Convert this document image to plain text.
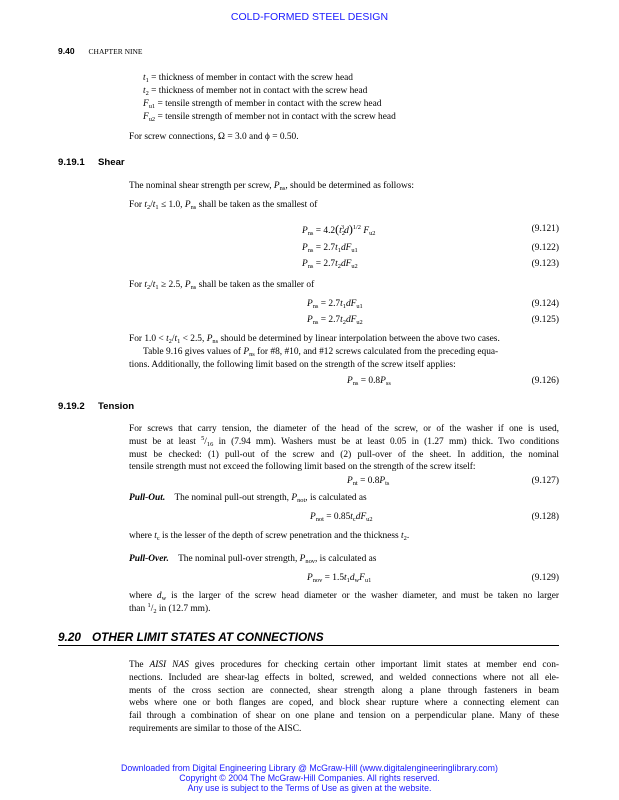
COLD-FORMED STEEL DESIGN
9.40 CHAPTER NINE
$t_1$ = thickness of member in contact with the screw head
$t_2$ = thickness of member not in contact with the screw head
$F_{u1}$ = tensile strength of member in contact with the screw head
$F_{u2}$ = tensile strength of member not in contact with the screw head
For screw connections, Ω = 3.0 and ϕ = 0.50.
9.19.1 Shear
The nominal shear strength per screw, $P_{ns}$, should be determined as follows:
For $t_2/t_1 \le 1.0$, $P_{ns}$ shall be taken as the smallest of
$P_{ns} = 4.2(t_2^3d)^{1/2}$ $F_{u2}$	(9.121)
$P_{ns} = 2.7t_1dF_{u1}$	(9.122)
$P_{ns} = 2.7t_2dF_{u2}$	(9.123)
For $t_2/t_1 \ge 2.5$, $P_{ns}$ shall be taken as the smaller of
$P_{ns} = 2.7t_1dF_{u1}$	(9.124)
$P_{ns} = 2.7t_2dF_{u2}$	(9.125)
For $1.0 < t_2/t_1 < 2.5$, $P_{ns}$ should be determined by linear interpolation between the above two cases.
Table 9.16 gives values of $P_{ns}$ for #8, #10, and #12 screws calculated from the preceding equa-
tions. Additionally, the following limit based on the strength of the screw itself applies:
$P_{ns} = 0.8P_{ss}$	(9.126)
9.19.2 Tension
For screws that carry tension, the diameter of the head of the screw, or of the washer if one is used,
must be at least $^5/_{16}$ in (7.94 mm). Washers must be at least 0.05 in (1.27 mm) thick. Two conditions
must be checked: (1) pull-out of the screw and (2) pull-over of the sheet. In addition, the nominal
tensile strength must not exceed the following limit based on the strength of the screw itself:
$P_{nt} = 0.8P_{ts}$	(9.127)
Pull-Out. The nominal pull-out strength, $P_{not}$, is calculated as
$P_{not} = 0.85t_cdF_{u2}$	(9.128)
where $t_c$ is the lesser of the depth of screw penetration and the thickness $t_2$.
Pull-Over. The nominal pull-over strength, $P_{nov}$, is calculated as
$P_{nov} = 1.5t_1d_wF_{u1}$	(9.129)
where $d_w$ is the larger of the screw head diameter or the washer diameter, and must be taken no larger
than $^1/_2$ in (12.7 mm).
9.20 OTHER LIMIT STATES AT CONNECTIONS
The AISI NAS gives procedures for checking certain other important limit states at member end con-
nections. Included are shear-lag effects in bolted, screwed, and welded connections where not all ele-
ments of the cross section are connected, shear strength along a plane through fasteners in beam
webs where one or both flanges are coped, and block shear rupture where a connecting element can
fail through a combination of shear on one plane and tension on a perpendicular plane. Many of these
requirements are similar to those of the AISC.
Downloaded from Digital Engineering Library @ McGraw-Hill (www.digitalengineeringlibrary.com)
Copyright © 2004 The McGraw-Hill Companies. All rights reserved.
Any use is subject to the Terms of Use as given at the website.
